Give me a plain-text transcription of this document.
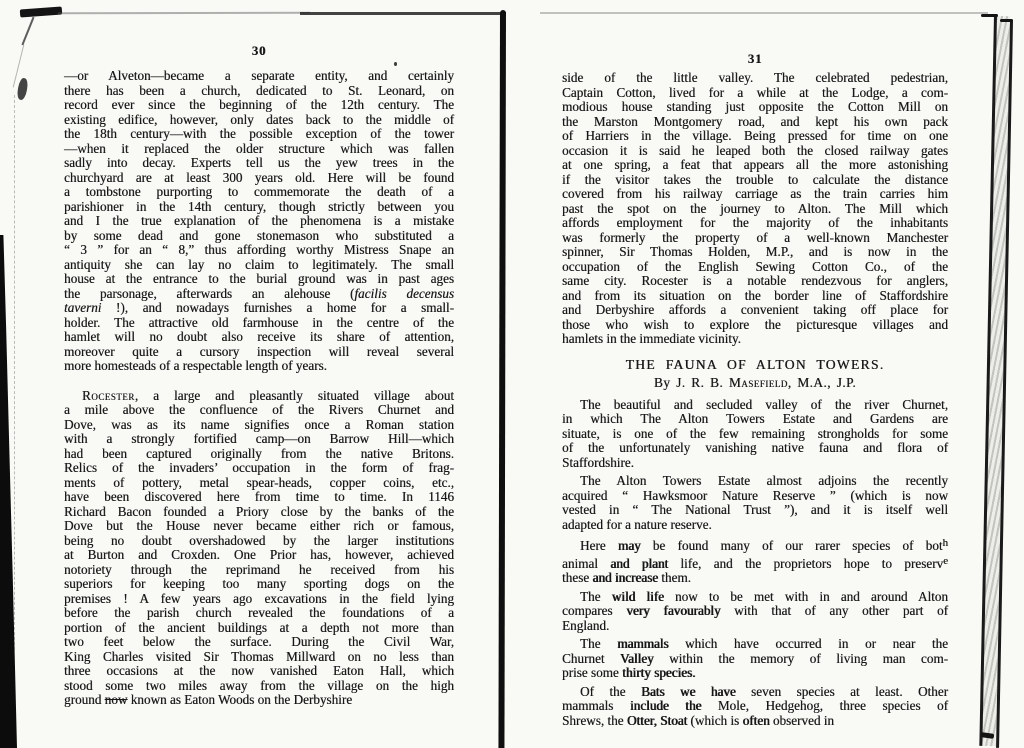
30
—or Alveton—became a separate entity, and certainly
there has been a church, dedicated to St. Leonard, on
record ever since the beginning of the 12th century. The
existing edifice, however, only dates back to the middle of
the 18th century—with the possible exception of the tower
—when it replaced the older structure which was fallen
sadly into decay. Experts tell us the yew trees in the
churchyard are at least 300 years old. Here will be found
a tombstone purporting to commemorate the death of a
parishioner in the 14th century, though strictly between you
and I the true explanation of the phenomena is a mistake
by some dead and gone stonemason who substituted a
“ 3 ” for an “ 8,” thus affording worthy Mistress Snape an
antiquity she can lay no claim to legitimately. The small
house at the entrance to the burial ground was in past ages
the parsonage, afterwards an alehouse (facilis decensus
taverni !), and nowadays furnishes a home for a small-
holder. The attractive old farmhouse in the centre of the
hamlet will no doubt also receive its share of attention,
moreover quite a cursory inspection will reveal several
more homesteads of a respectable length of years.
Rocester, a large and pleasantly situated village about
a mile above the confluence of the Rivers Churnet and
Dove, was as its name signifies once a Roman station
with a strongly fortified camp—on Barrow Hill—which
had been captured originally from the native Britons.
Relics of the invaders’ occupation in the form of frag-
ments of pottery, metal spear-heads, copper coins, etc.,
have been discovered here from time to time. In 1146
Richard Bacon founded a Priory close by the banks of the
Dove but the House never became either rich or famous,
being no doubt overshadowed by the larger institutions
at Burton and Croxden. One Prior has, however, achieved
notoriety through the reprimand he received from his
superiors for keeping too many sporting dogs on the
premises ! A few years ago excavations in the field lying
before the parish church revealed the foundations of a
portion of the ancient buildings at a depth not more than
two feet below the surface. During the Civil War,
King Charles visited Sir Thomas Millward on no less than
three occasions at the now vanished Eaton Hall, which
stood some two miles away from the village on the high
ground now known as Eaton Woods on the Derbyshire
31
side of the little valley. The celebrated pedestrian,
Captain Cotton, lived for a while at the Lodge, a com-
modious house standing just opposite the Cotton Mill on
the Marston Montgomery road, and kept his own pack
of Harriers in the village. Being pressed for time on one
occasion it is said he leaped both the closed railway gates
at one spring, a feat that appears all the more astonishing
if the visitor takes the trouble to calculate the distance
covered from his railway carriage as the train carries him
past the spot on the journey to Alton. The Mill which
affords employment for the majority of the inhabitants
was formerly the property of a well-known Manchester
spinner, Sir Thomas Holden, M.P., and is now in the
occupation of the English Sewing Cotton Co., of the
same city. Rocester is a notable rendezvous for anglers,
and from its situation on the border line of Staffordshire
and Derbyshire affords a convenient taking off place for
those who wish to explore the picturesque villages and
hamlets in the immediate vicinity.
THE FAUNA OF ALTON TOWERS.
By J. R. B. Masefield, M.A., J.P.
The beautiful and secluded valley of the river Churnet,
in which The Alton Towers Estate and Gardens are
situate, is one of the few remaining strongholds for some
of the unfortunately vanishing native fauna and flora of
Staffordshire.
The Alton Towers Estate almost adjoins the recently
acquired “ Hawksmoor Nature Reserve ” (which is now
vested in “ The National Trust ”), and it is itself well
adapted for a nature reserve.
Here may be found many of our rarer species of bot$^h$
animal and plant life, and the proprietors hope to preserv$^e$
these and increase them.
The wild life now to be met with in and around Alton
compares very favourably with that of any other part of
England.
The mammals which have occurred in or near the
Churnet Valley within the memory of living man com-
prise some thirty species.
Of the Bats we have seven species at least. Other
mammals include the Mole, Hedgehog, three species of
Shrews, the Otter, Stoat (which is often observed in
